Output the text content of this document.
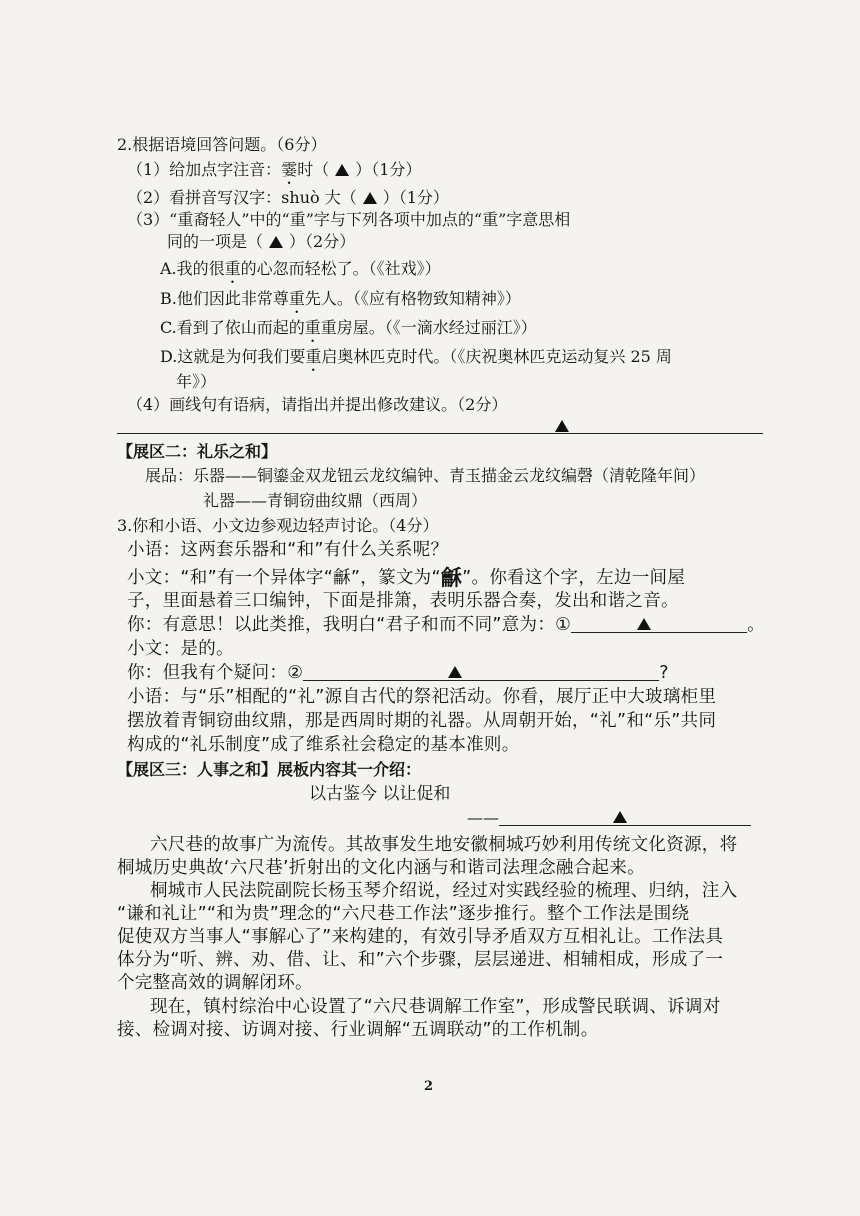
2.根据语境回答问题。（6分）
（1）给加点字注音：霎时（ ）（1分）
（2）看拼音写汉字：shuò 大（ ）（1分）
（3）“重裔轻人”中的“重”字与下列各项中加点的“重”字意思相
同的一项是（ ）（2分）
A.我的很重的心忽而轻松了。（《社戏》）
B.他们因此非常尊重先人。（《应有格物致知精神》）
C.看到了依山而起的重重房屋。（《一滴水经过丽江》）
D.这就是为何我们要重启奥林匹克时代。（《庆祝奥林匹克运动复兴 25 周
年》）
（4）画线句有语病，请指出并提出修改建议。（2分）
【展区二：礼乐之和】
展品：乐器——铜鎏金双龙钮云龙纹编钟、青玉描金云龙纹编磬（清乾隆年间）
礼器——青铜窃曲纹鼎（西周）
3.你和小语、小文边参观边轻声讨论。（4分）
小语：这两套乐器和“和”有什么关系呢？
小文：“和”有一个异体字“龢”，篆文为“龢”。你看这个字，左边一间屋
子，里面悬着三口编钟，下面是排箫，表明乐器合奏，发出和谐之音。
你：有意思！以此类推，我明白“君子和而不同”意为：①	。
小文：是的。
你：但我有个疑问：②	?
小语：与“乐”相配的“礼”源自古代的祭祀活动。你看，展厅正中大玻璃柜里
摆放着青铜窃曲纹鼎，那是西周时期的礼器。从周朝开始，“礼”和“乐”共同
构成的“礼乐制度”成了维系社会稳定的基本准则。
【展区三：人事之和】展板内容其一介绍：
以古鉴今 以让促和
——
六尺巷的故事广为流传。其故事发生地安徽桐城巧妙利用传统文化资源，将
桐城历史典故‘六尺巷’折射出的文化内涵与和谐司法理念融合起来。
桐城市人民法院副院长杨玉琴介绍说，经过对实践经验的梳理、归纳，注入
“谦和礼让”“和为贵”理念的“六尺巷工作法”逐步推行。整个工作法是围绕
促使双方当事人“事解心了”来构建的，有效引导矛盾双方互相礼让。工作法具
体分为“听、辨、劝、借、让、和”六个步骤，层层递进、相辅相成，形成了一
个完整高效的调解闭环。
现在，镇村综治中心设置了“六尺巷调解工作室”，形成警民联调、诉调对
接、检调对接、访调对接、行业调解“五调联动”的工作机制。
2
